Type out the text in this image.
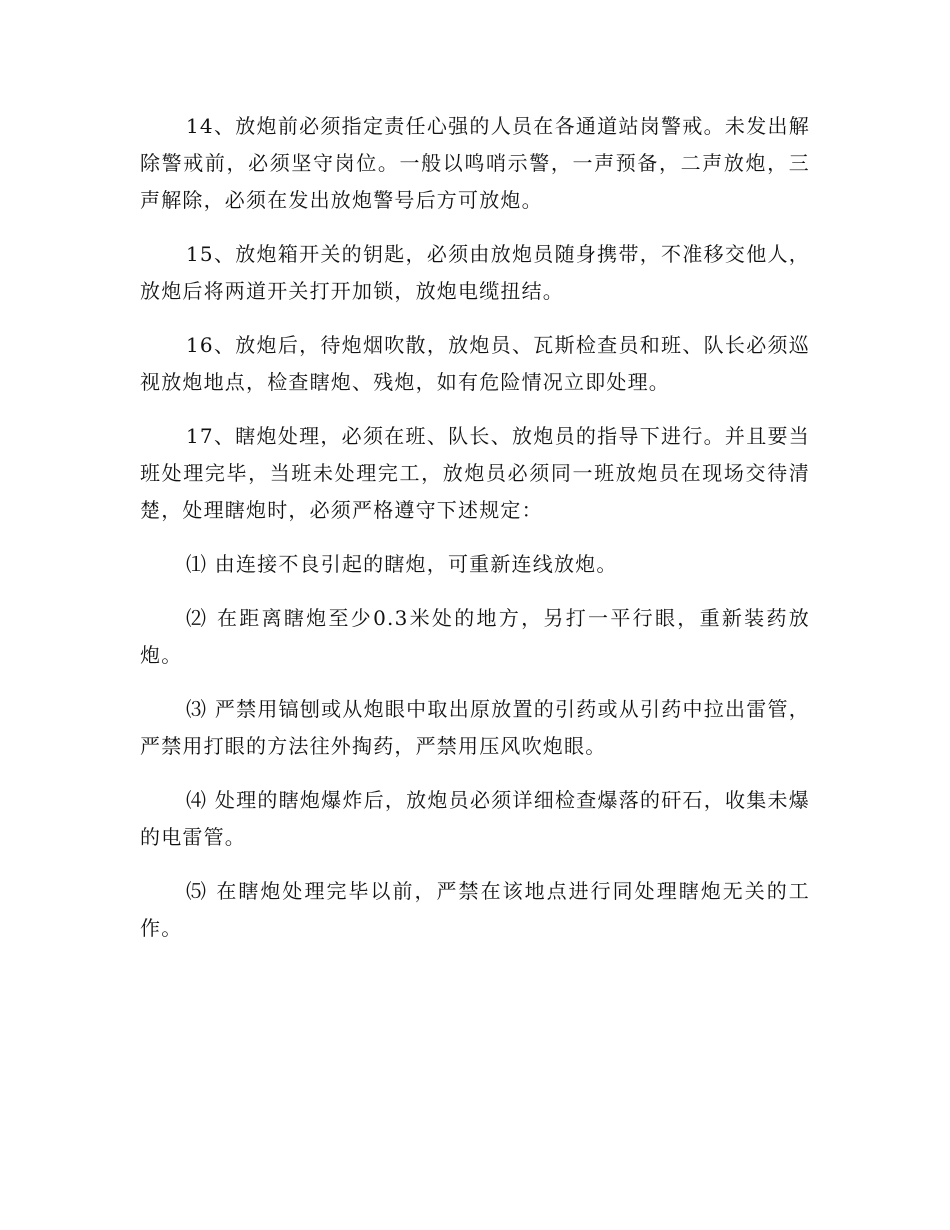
14、放炮前必须指定责任心强的人员在各通道站岗警戒。未发出解除警戒前，必须坚守岗位。一般以鸣哨示警，一声预备，二声放炮，三声解除，必须在发出放炮警号后方可放炮。

15、放炮箱开关的钥匙，必须由放炮员随身携带，不准移交他人，放炮后将两道开关打开加锁，放炮电缆扭结。

16、放炮后，待炮烟吹散，放炮员、瓦斯检查员和班、队长必须巡视放炮地点，检查瞎炮、残炮，如有危险情况立即处理。

17、瞎炮处理，必须在班、队长、放炮员的指导下进行。并且要当班处理完毕，当班未处理完工，放炮员必须同一班放炮员在现场交待清楚，处理瞎炮时，必须严格遵守下述规定：

⑴ 由连接不良引起的瞎炮，可重新连线放炮。

⑵ 在距离瞎炮至少0.3米处的地方，另打一平行眼，重新装药放炮。

⑶ 严禁用镐刨或从炮眼中取出原放置的引药或从引药中拉出雷管，严禁用打眼的方法往外掏药，严禁用压风吹炮眼。

⑷ 处理的瞎炮爆炸后，放炮员必须详细检查爆落的矸石，收集未爆的电雷管。

⑸ 在瞎炮处理完毕以前，严禁在该地点进行同处理瞎炮无关的工作。
